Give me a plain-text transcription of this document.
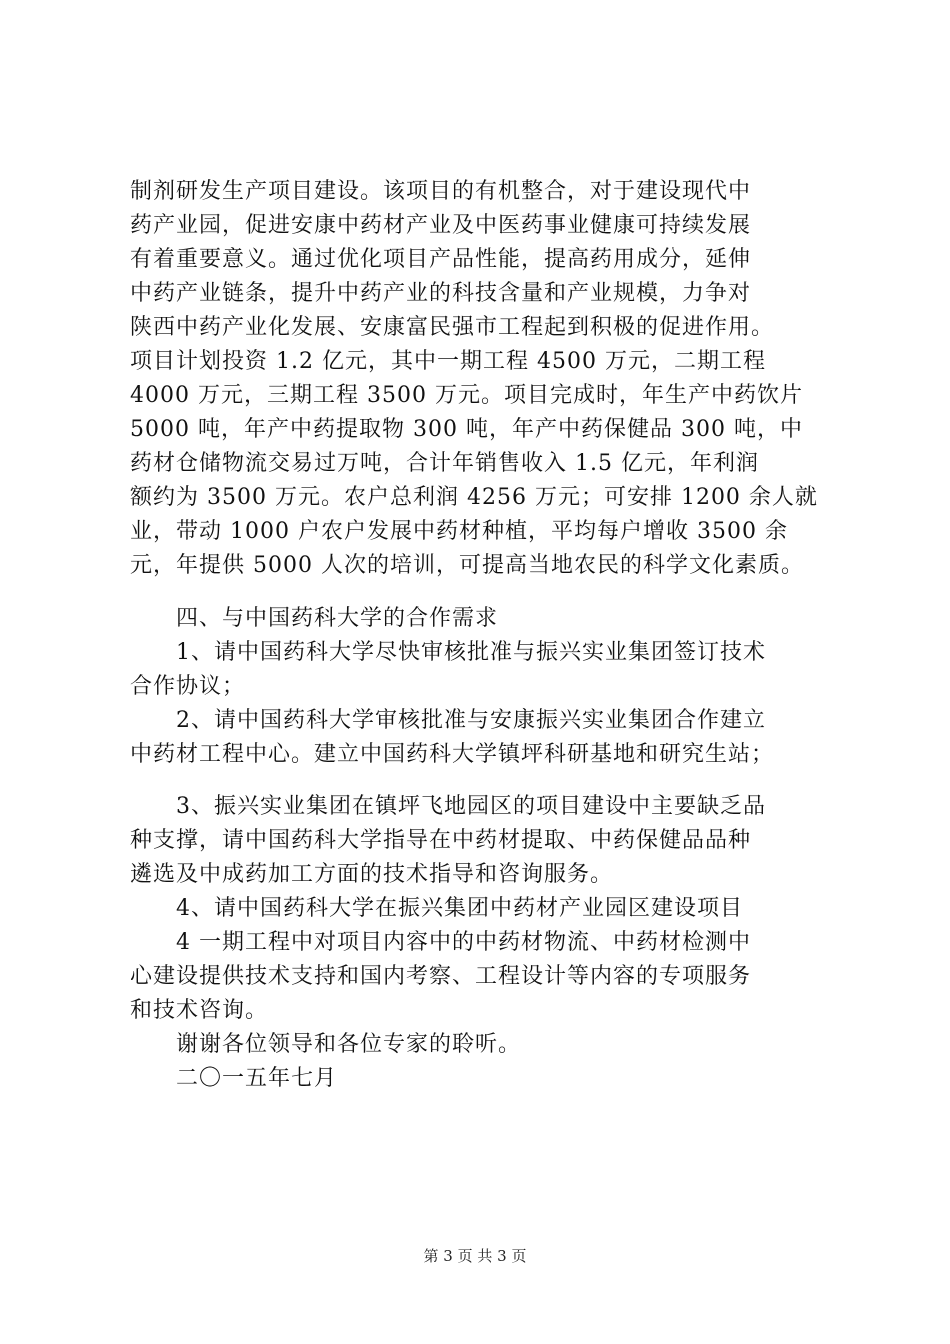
制剂研发生产项目建设。该项目的有机整合，对于建设现代中
药产业园，促进安康中药材产业及中医药事业健康可持续发展
有着重要意义。通过优化项目产品性能，提高药用成分，延伸
中药产业链条，提升中药产业的科技含量和产业规模，力争对
陕西中药产业化发展、安康富民强市工程起到积极的促进作用。
项目计划投资 1.2 亿元，其中一期工程 4500 万元，二期工程
4000 万元，三期工程 3500 万元。项目完成时，年生产中药饮片
5000 吨，年产中药提取物 300 吨，年产中药保健品 300 吨，中
药材仓储物流交易过万吨，合计年销售收入 1.5 亿元，年利润
额约为 3500 万元。农户总利润 4256 万元；可安排 1200 余人就
业，带动 1000 户农户发展中药材种植，平均每户增收 3500 余
元，年提供 5000 人次的培训，可提高当地农民的科学文化素质。
四、与中国药科大学的合作需求
1、请中国药科大学尽快审核批准与振兴实业集团签订技术
合作协议；
2、请中国药科大学审核批准与安康振兴实业集团合作建立
中药材工程中心。建立中国药科大学镇坪科研基地和研究生站；
3、振兴实业集团在镇坪飞地园区的项目建设中主要缺乏品
种支撑，请中国药科大学指导在中药材提取、中药保健品品种
遴选及中成药加工方面的技术指导和咨询服务。
4、请中国药科大学在振兴集团中药材产业园区建设项目
4 一期工程中对项目内容中的中药材物流、中药材检测中
心建设提供技术支持和国内考察、工程设计等内容的专项服务
和技术咨询。
谢谢各位领导和各位专家的聆听。
二〇一五年七月
第 3 页 共 3 页
